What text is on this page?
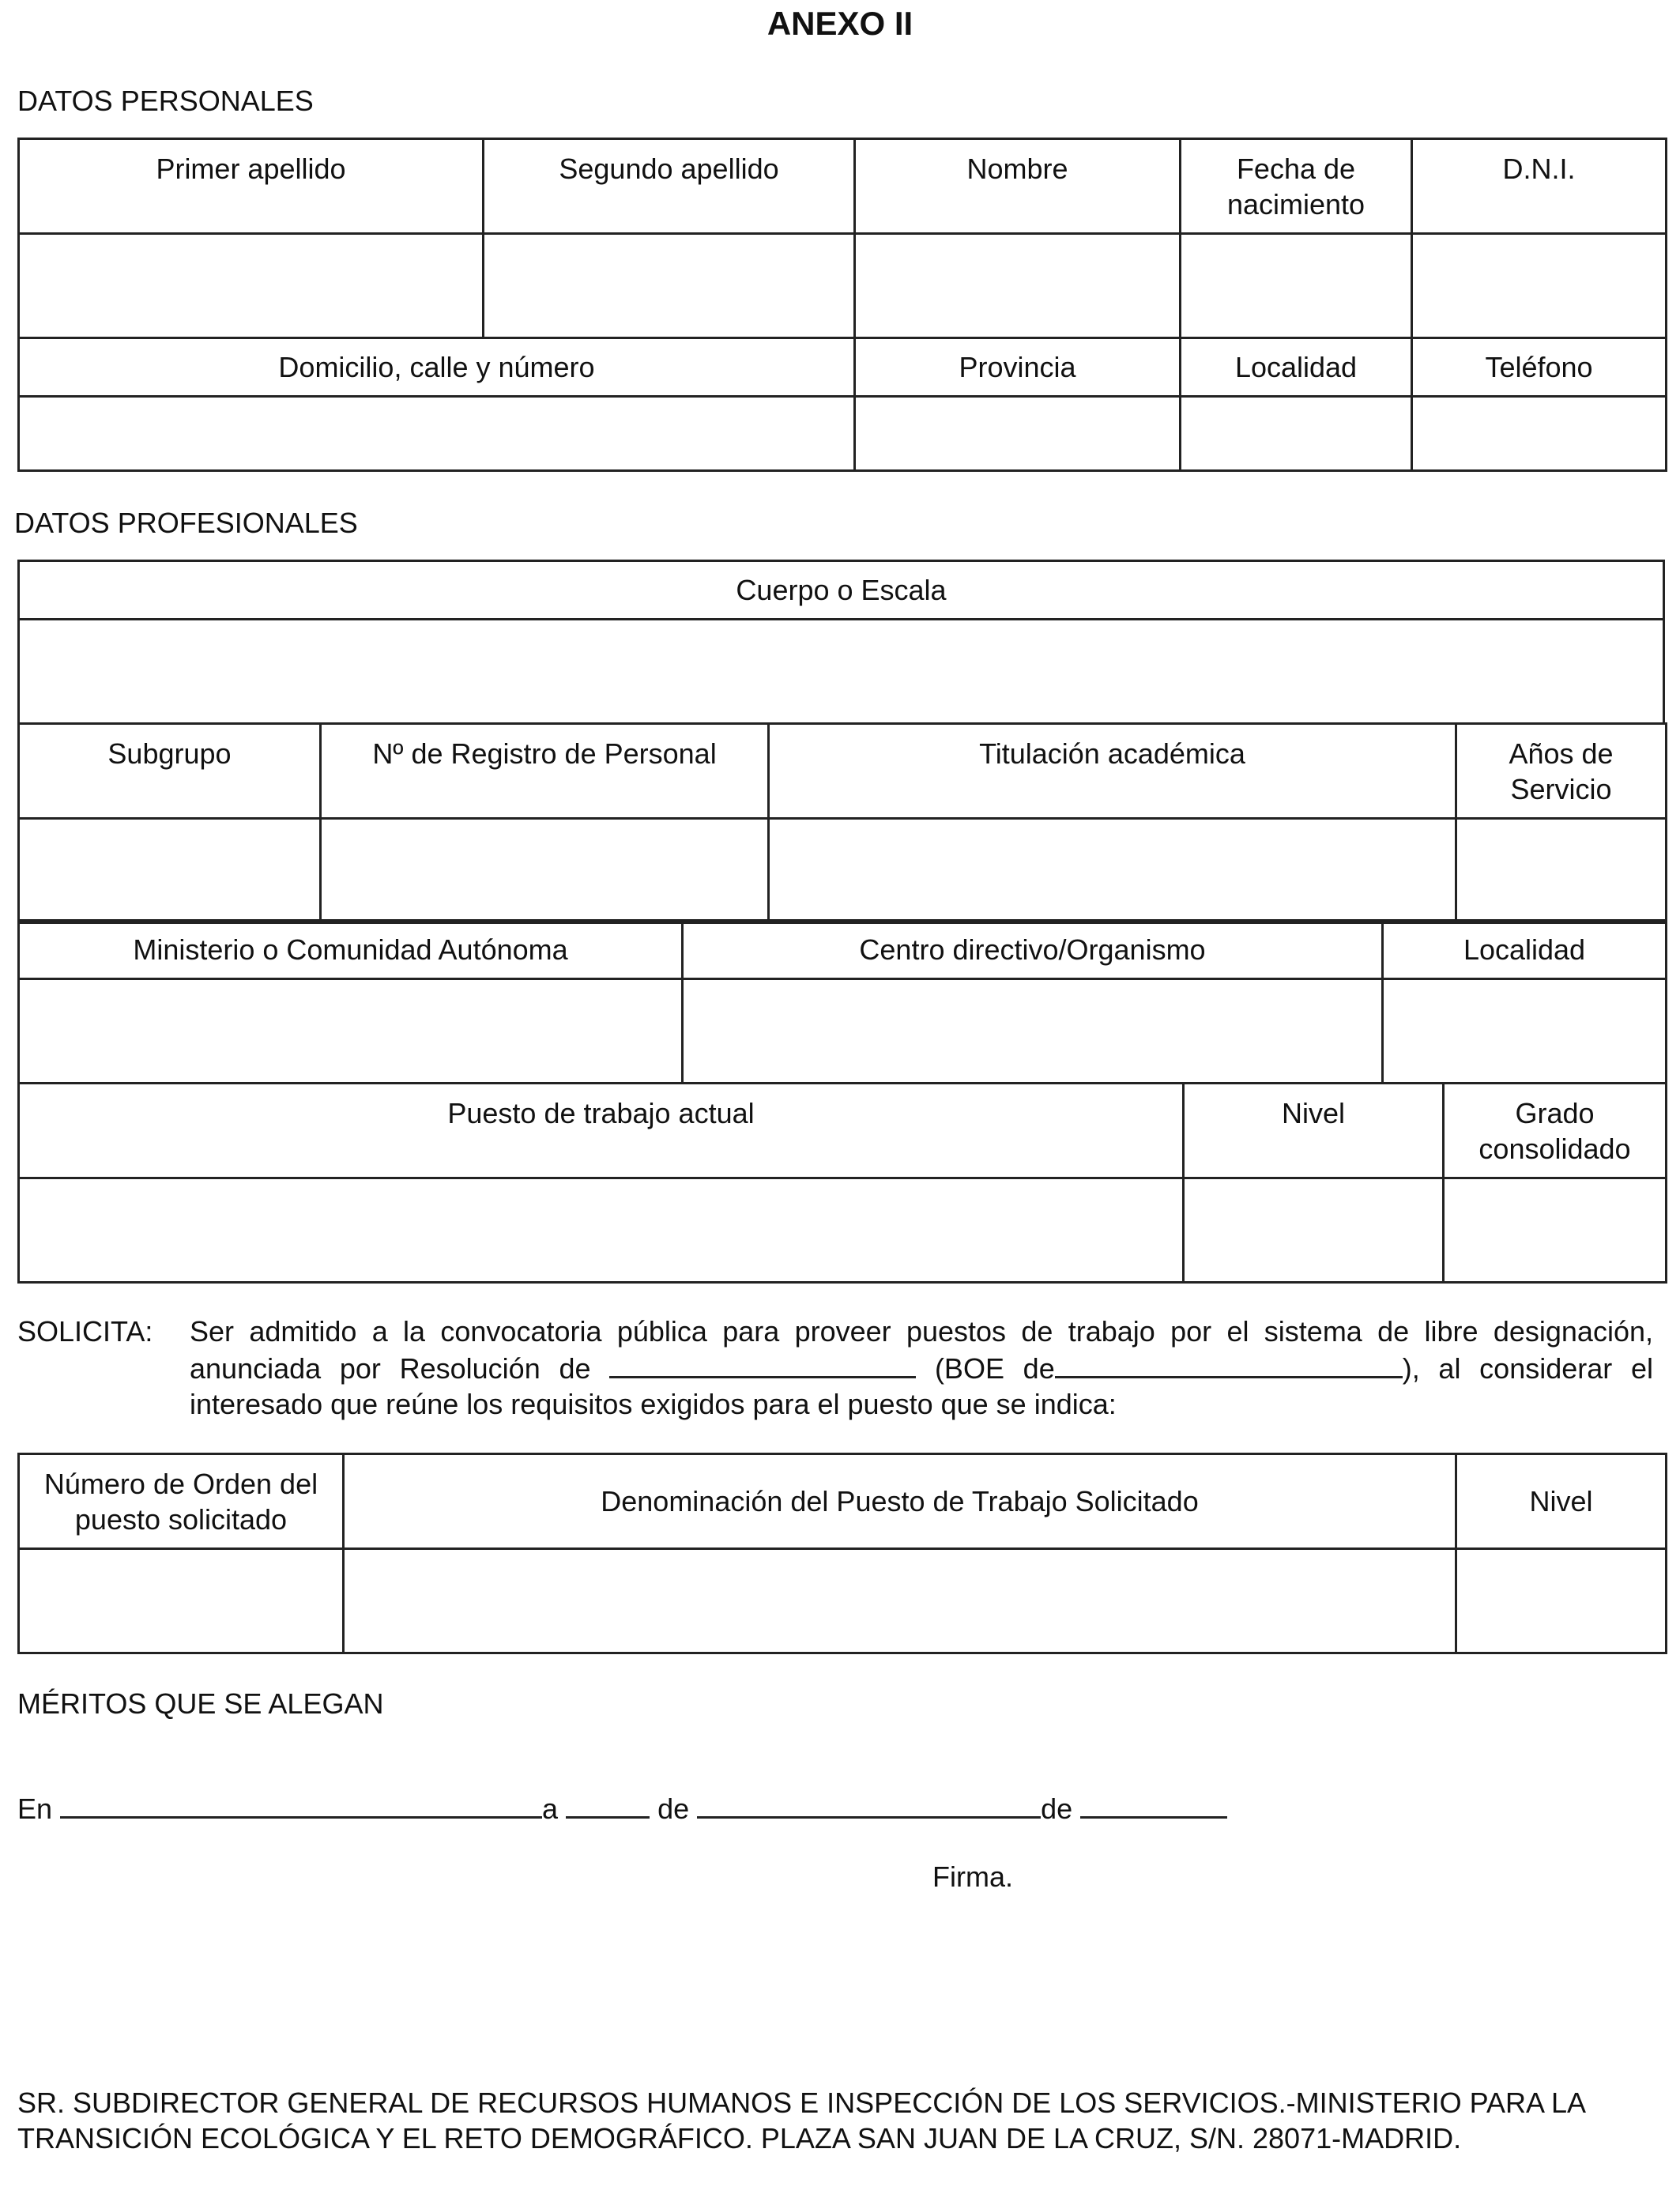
ANEXO II
DATOS PERSONALES
Primer apellido	Segundo apellido	Nombre	Fecha de nacimiento	D.N.I.

Domicilio, calle y número		Provincia	Localidad	Teléfono

DATOS PROFESIONALES
Cuerpo o Escala

Subgrupo	Nº de Registro de Personal	Titulación académica	Años de Servicio

Ministerio o Comunidad Autónoma	Centro directivo/Organismo	Localidad

Puesto de trabajo actual	Nivel	Grado consolidado

SOLICITA: Ser admitido a la convocatoria pública para proveer puestos de trabajo por el sistema de libre designación, anunciada por Resolución de	(BOE de	), al considerar el interesado que reúne los requisitos exigidos para el puesto que se indica:
Número de Orden del puesto solicitado	Denominación del Puesto de Trabajo Solicitado	Nivel

MÉRITOS QUE SE ALEGAN
En	a	de	de
Firma.
SR. SUBDIRECTOR GENERAL DE RECURSOS HUMANOS E INSPECCIÓN DE LOS SERVICIOS.-MINISTERIO PARA LA TRANSICIÓN ECOLÓGICA Y EL RETO DEMOGRÁFICO. PLAZA SAN JUAN DE LA CRUZ, S/N. 28071-MADRID.
